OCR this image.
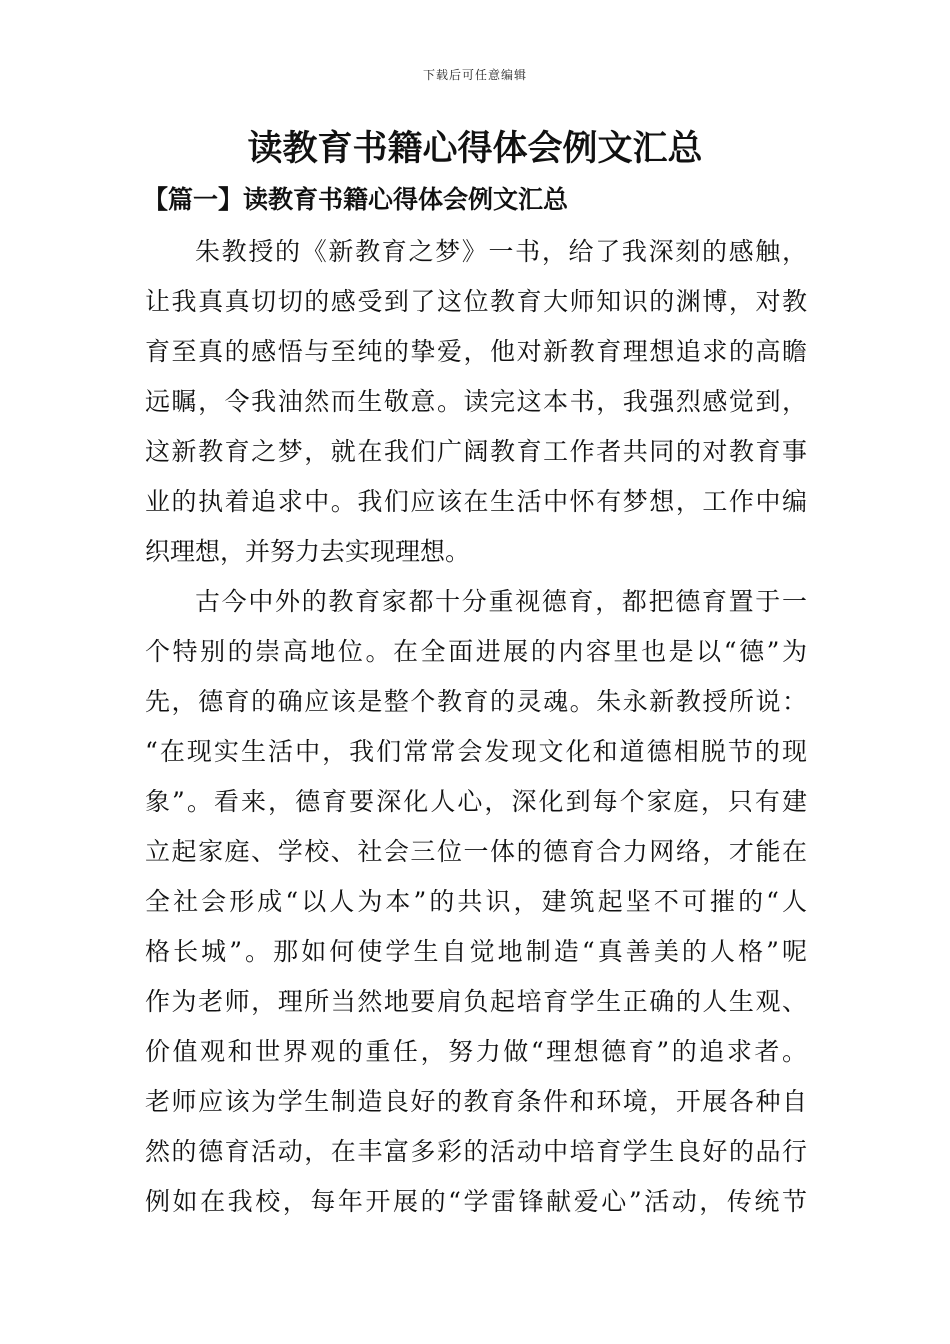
下载后可任意编辑
读教育书籍心得体会例文汇总
【篇一】读教育书籍心得体会例文汇总
朱教授的《新教育之梦》一书，给了我深刻的感触，
让我真真切切的感受到了这位教育大师知识的渊博，对教
育至真的感悟与至纯的挚爱，他对新教育理想追求的高瞻
远瞩，令我油然而生敬意。读完这本书，我强烈感觉到，
这新教育之梦，就在我们广阔教育工作者共同的对教育事
业的执着追求中。我们应该在生活中怀有梦想，工作中编
织理想，并努力去实现理想。
古今中外的教育家都十分重视德育，都把德育置于一
个特别的崇高地位。在全面进展的内容里也是以“德”为
先，德育的确应该是整个教育的灵魂。朱永新教授所说：
“在现实生活中，我们常常会发现文化和道德相脱节的现
象”。看来，德育要深化人心，深化到每个家庭，只有建
立起家庭、学校、社会三位一体的德育合力网络，才能在
全社会形成“以人为本”的共识，建筑起坚不可摧的“人
格长城”。那如何使学生自觉地制造“真善美的人格”呢
作为老师，理所当然地要肩负起培育学生正确的人生观、
价值观和世界观的重任，努力做“理想德育”的追求者。
老师应该为学生制造良好的教育条件和环境，开展各种自
然的德育活动，在丰富多彩的活动中培育学生良好的品行
例如在我校，每年开展的“学雷锋献爱心”活动，传统节
